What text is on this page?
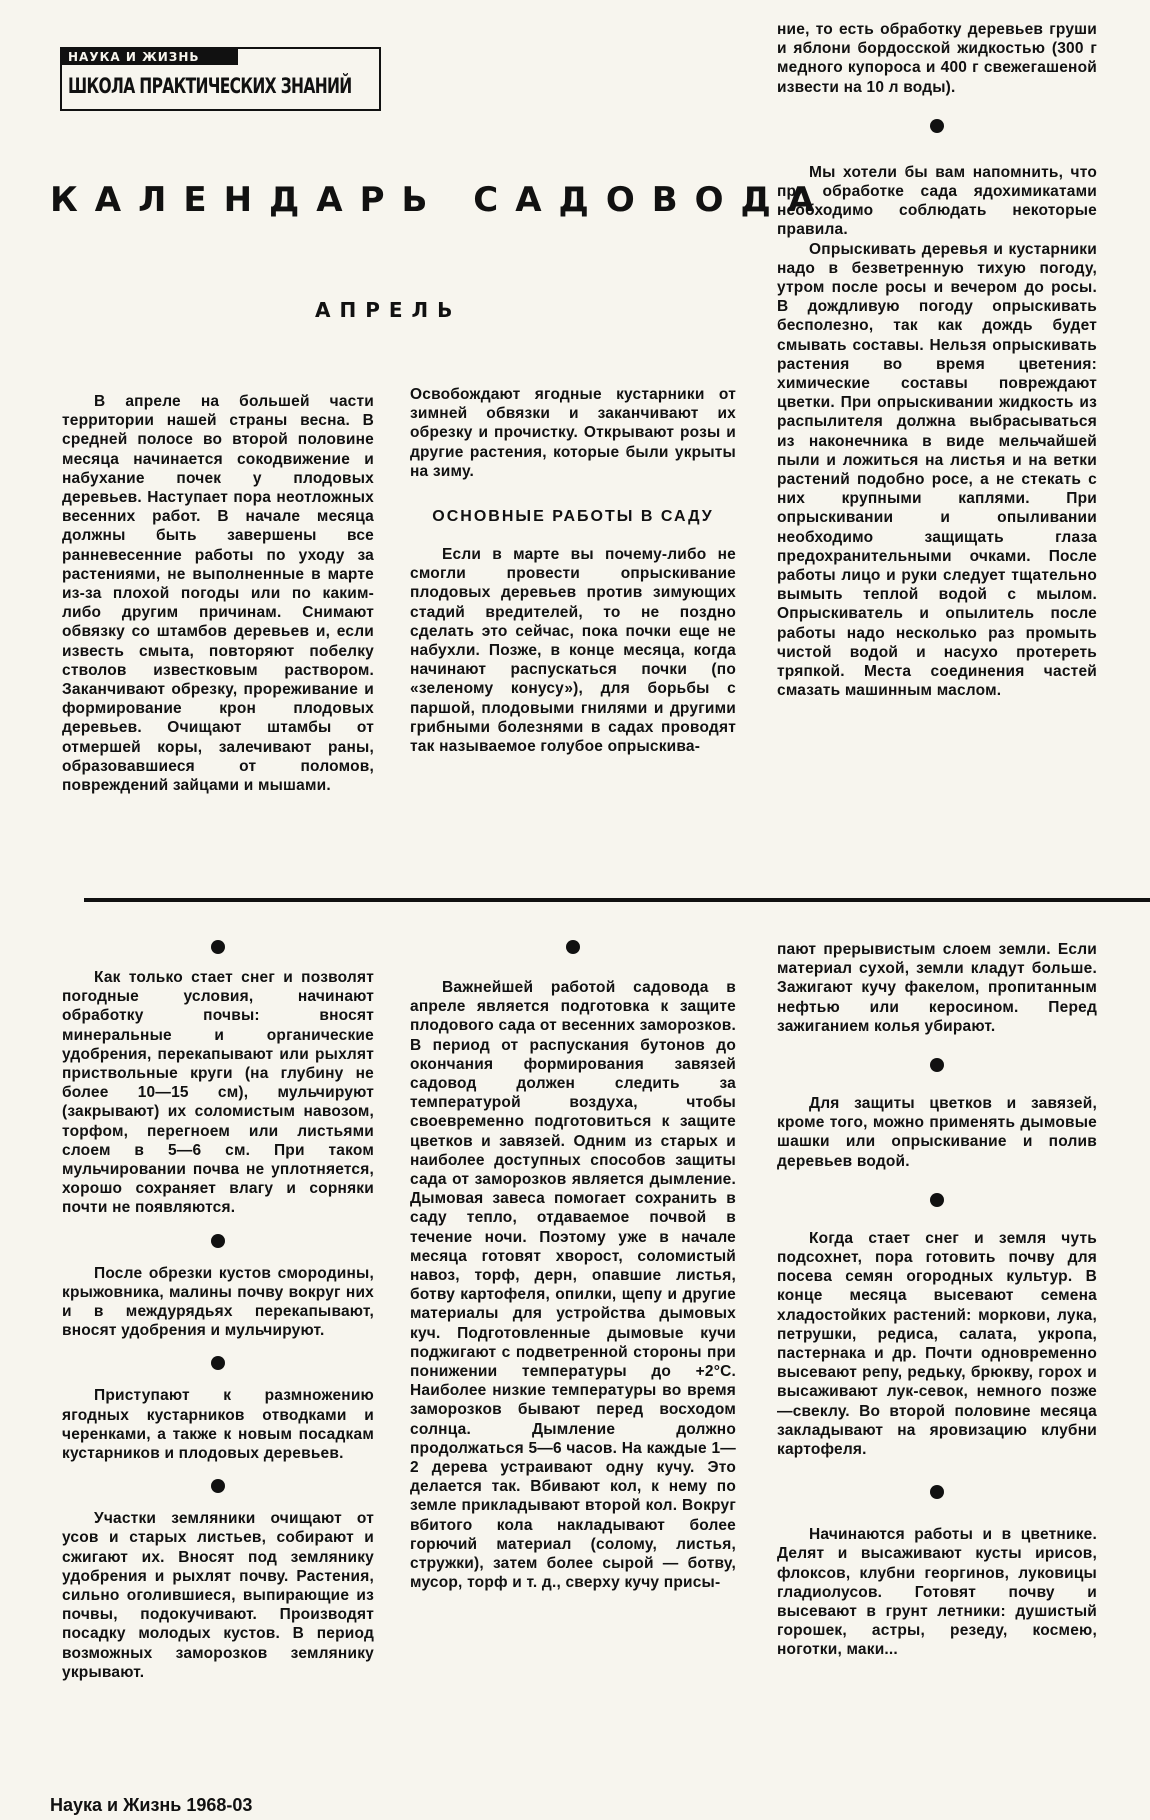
НАУКА И ЖИЗНЬ
ШКОЛА ПРАКТИЧЕСКИХ ЗНАНИЙ
КАЛЕНДАРЬ САДОВОДА
АПРЕЛЬ

В апреле на большей части территории нашей страны весна. В средней полосе во второй половине месяца начинается сокодвижение и набухание почек у плодовых деревьев. Наступает пора неотложных весенних работ. В начале месяца должны быть завершены все ранневесенние работы по уходу за растениями, не выполненные в марте из-за плохой погоды или по каким-либо другим причинам. Снимают обвязку со штамбов деревьев и, если известь смыта, повторяют побелку стволов известковым раствором. Заканчивают обрезку, прореживание и формирование крон плодовых деревьев. Очищают штамбы от отмершей коры, залечивают раны, образовавшиеся от поломов, повреждений зайцами и мышами.

Освобождают ягодные кустарники от зимней обвязки и заканчивают их обрезку и прочистку. Открывают розы и другие растения, которые были укрыты на зиму.

ОСНОВНЫЕ РАБОТЫ В САДУ

Если в марте вы почему-либо не смогли провести опрыскивание плодовых деревьев против зимующих стадий вредителей, то не поздно сделать это сейчас, пока почки еще не набухли. Позже, в конце месяца, когда начинают распускаться почки (по «зеленому конусу»), для борьбы с паршой, плодовыми гнилями и другими грибными болезнями в садах проводят так называемое голубое опрыскива-

ние, то есть обработку деревьев груши и яблони бордосской жидкостью (300 г медного купороса и 400 г свежегашеной извести на 10 л воды).

Мы хотели бы вам напомнить, что при обработке сада ядохимикатами необходимо соблюдать некоторые правила.

Опрыскивать деревья и кустарники надо в безветренную тихую погоду, утром после росы и вечером до росы. В дождливую погоду опрыскивать бесполезно, так как дождь будет смывать составы. Нельзя опрыскивать растения во время цветения: химические составы повреждают цветки. При опрыскивании жидкость из распылителя должна выбрасываться из наконечника в виде мельчайшей пыли и ложиться на листья и на ветки растений подобно росе, а не стекать с них крупными каплями. При опрыскивании и опыливании необходимо защищать глаза предохранительными очками. После работы лицо и руки следует тщательно вымыть теплой водой с мылом. Опрыскиватель и опылитель после работы надо несколько раз промыть чистой водой и насухо протереть тряпкой. Места соединения частей смазать машинным маслом.

Как только стает снег и позволят погодные условия, начинают обработку почвы: вносят минеральные и органические удобрения, перекапывают или рыхлят приствольные круги (на глубину не более 10—15 см), мульчируют (закрывают) их соломистым навозом, торфом, перегноем или листьями слоем в 5—6 см. При таком мульчировании почва не уплотняется, хорошо сохраняет влагу и сорняки почти не появляются.

После обрезки кустов смородины, крыжовника, малины почву вокруг них и в междурядьях перекапывают, вносят удобрения и мульчируют.

Приступают к размножению ягодных кустарников отводками и черенками, а также к новым посадкам кустарников и плодовых деревьев.

Участки земляники очищают от усов и старых листьев, собирают и сжигают их. Вносят под землянику удобрения и рыхлят почву. Растения, сильно оголившиеся, выпирающие из почвы, подокучивают. Производят посадку молодых кустов. В период возможных заморозков землянику укрывают.

Важнейшей работой садовода в апреле является подготовка к защите плодового сада от весенних заморозков. В период от распускания бутонов до окончания формирования завязей садовод должен следить за температурой воздуха, чтобы своевременно подготовиться к защите цветков и завязей. Одним из старых и наиболее доступных способов защиты сада от заморозков является дымление. Дымовая завеса помогает сохранить в саду тепло, отдаваемое почвой в течение ночи. Поэтому уже в начале месяца готовят хворост, соломистый навоз, торф, дерн, опавшие листья, ботву картофеля, опилки, щепу и другие материалы для устройства дымовых куч. Подготовленные дымовые кучи поджигают с подветренной стороны при понижении температуры до +2°С. Наиболее низкие температуры во время заморозков бывают перед восходом солнца. Дымление должно продолжаться 5—6 часов. На каждые 1—2 дерева устраивают одну кучу. Это делается так. Вбивают кол, к нему по земле прикладывают второй кол. Вокруг вбитого кола накладывают более горючий материал (солому, листья, стружки), затем более сырой — ботву, мусор, торф и т. д., сверху кучу присы-

пают прерывистым слоем земли. Если материал сухой, земли кладут больше. Зажигают кучу факелом, пропитанным нефтью или керосином. Перед зажиганием колья убирают.

Для защиты цветков и завязей, кроме того, можно применять дымовые шашки или опрыскивание и полив деревьев водой.

Когда стает снег и земля чуть подсохнет, пора готовить почву для посева семян огородных культур. В конце месяца высевают семена хладостойких растений: моркови, лука, петрушки, редиса, салата, укропа, пастернака и др. Почти одновременно высевают репу, редьку, брюкву, горох и высаживают лук-севок, немного позже—свеклу. Во второй половине месяца закладывают на яровизацию клубни картофеля.

Начинаются работы и в цветнике. Делят и высаживают кусты ирисов, флоксов, клубни георгинов, луковицы гладиолусов. Готовят почву и высевают в грунт летники: душистый горошек, астры, резеду, космею, ноготки, маки...

Наука и Жизнь 1968-03
